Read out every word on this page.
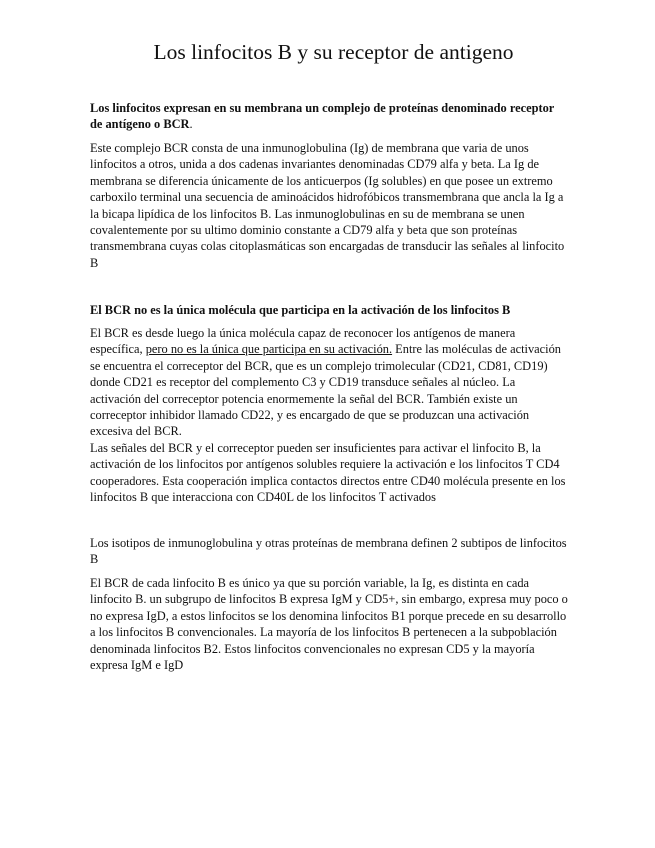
Los linfocitos B y su receptor de antigeno

Los linfocitos expresan en su membrana un complejo de proteínas denominado receptor de antígeno o BCR.

Este complejo BCR consta de una inmunoglobulina (Ig) de membrana que varia de unos linfocitos a otros, unida a dos cadenas invariantes denominadas CD79 alfa y beta. La Ig de membrana se diferencia únicamente de los anticuerpos (Ig solubles) en que posee un extremo carboxilo terminal una secuencia de aminoácidos hidrofóbicos transmembrana que ancla la Ig a la bicapa lipídica de los linfocitos B. Las inmunoglobulinas en su de membrana se unen covalentemente por su ultimo dominio constante a CD79 alfa y beta que son proteínas transmembrana cuyas colas citoplasmáticas son encargadas de transducir las señales al linfocito B

El BCR no es la única molécula que participa en la activación de los linfocitos B

El BCR es desde luego la única molécula capaz de reconocer los antígenos de manera específica, pero no es la única que participa en su activación. Entre las moléculas de activación se encuentra el correceptor del BCR, que es un complejo trimolecular (CD21, CD81, CD19) donde CD21 es receptor del complemento C3 y CD19 transduce señales al núcleo. La activación del correceptor potencia enormemente la señal del BCR. También existe un correceptor inhibidor llamado CD22, y es encargado de que se produzcan una activación excesiva del BCR.

Las señales del BCR y el correceptor pueden ser insuficientes para activar el linfocito B, la activación de los linfocitos por antígenos solubles requiere la activación e los linfocitos T CD4 cooperadores. Esta cooperación implica contactos directos entre CD40 molécula presente en los linfocitos B que interacciona con CD40L de los linfocitos T activados

Los isotipos de inmunoglobulina y otras proteínas de membrana definen 2 subtipos de linfocitos B

El BCR de cada linfocito B es único ya que su porción variable, la Ig, es distinta en cada linfocito B. un subgrupo de linfocitos B expresa IgM y CD5+, sin embargo, expresa muy poco o no expresa IgD, a estos linfocitos se los denomina linfocitos B1 porque precede en su desarrollo a los linfocitos B convencionales. La mayoría de los linfocitos B pertenecen a la subpoblación denominada linfocitos B2. Estos linfocitos convencionales no expresan CD5 y la mayoría expresa IgM e IgD
